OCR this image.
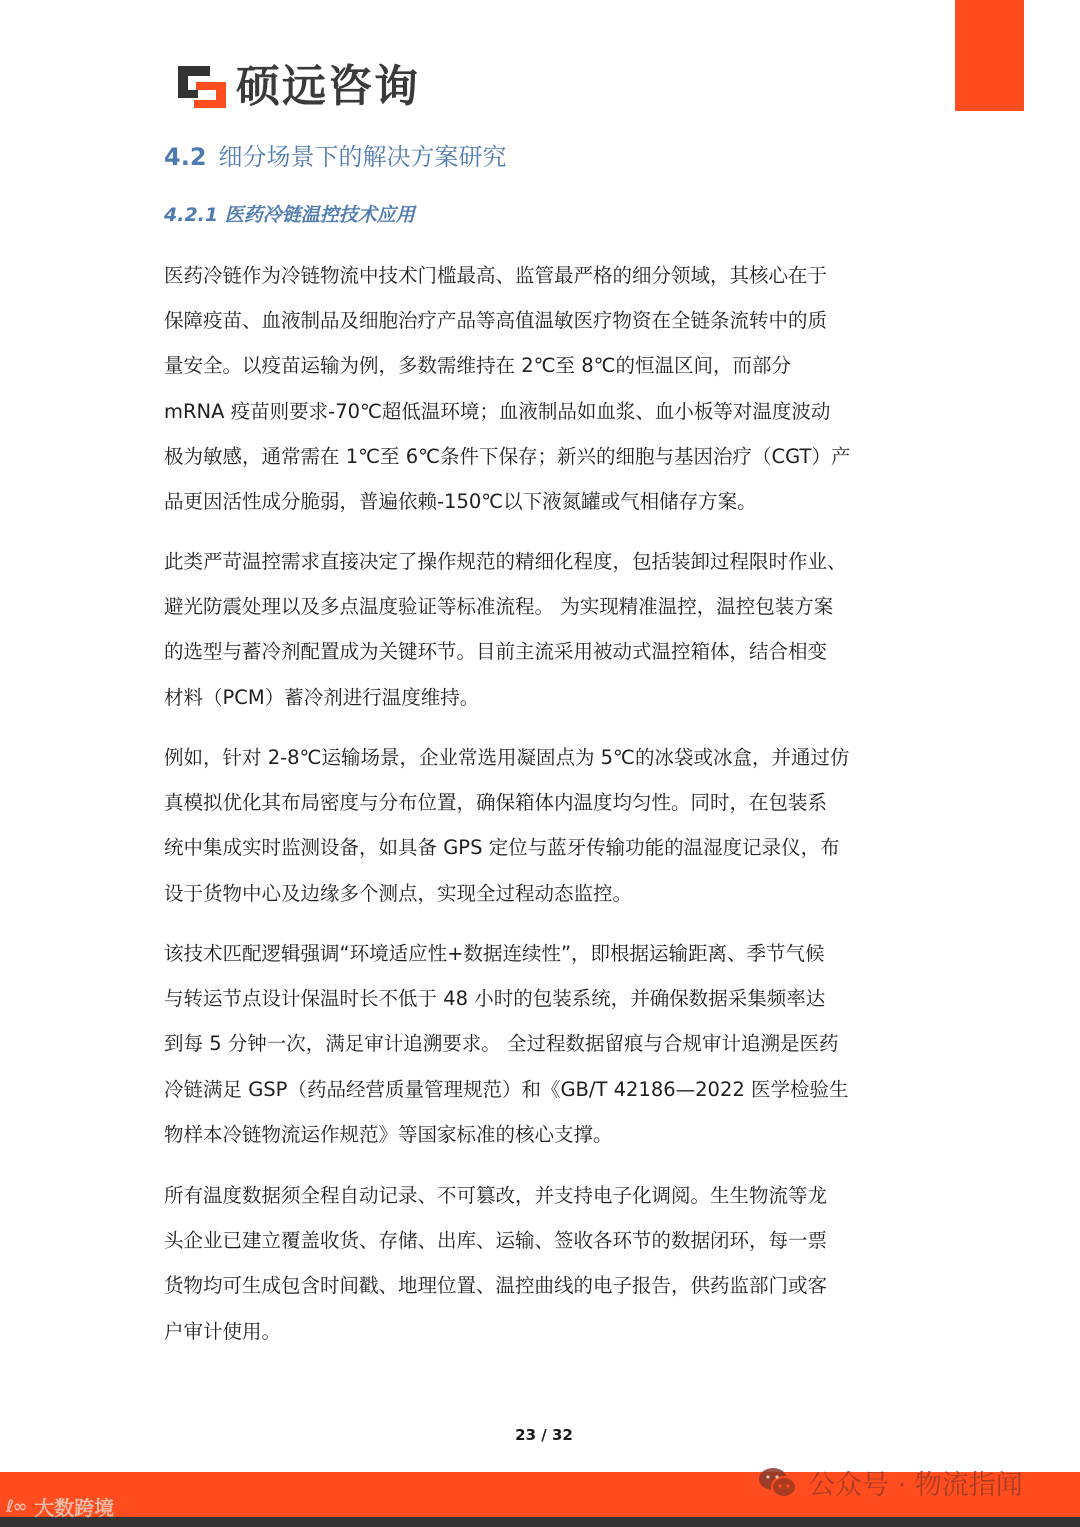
硕远咨询
4.2 细分场景下的解决方案研究
4.2.1 医药冷链温控技术应用

医药冷链作为冷链物流中技术门槛最高、监管最严格的细分领域，其核心在于
保障疫苗、血液制品及细胞治疗产品等高值温敏医疗物资在全链条流转中的质
量安全。以疫苗运输为例，多数需维持在 2℃至 8℃的恒温区间，而部分
mRNA 疫苗则要求-70℃超低温环境；血液制品如血浆、血小板等对温度波动
极为敏感，通常需在 1℃至 6℃条件下保存；新兴的细胞与基因治疗（CGT）产
品更因活性成分脆弱，普遍依赖-150℃以下液氮罐或气相储存方案。

此类严苛温控需求直接决定了操作规范的精细化程度，包括装卸过程限时作业、
避光防震处理以及多点温度验证等标准流程。 为实现精准温控，温控包装方案
的选型与蓄冷剂配置成为关键环节。目前主流采用被动式温控箱体，结合相变
材料（PCM）蓄冷剂进行温度维持。

例如，针对 2-8℃运输场景，企业常选用凝固点为 5℃的冰袋或冰盒，并通过仿
真模拟优化其布局密度与分布位置，确保箱体内温度均匀性。同时，在包装系
统中集成实时监测设备，如具备 GPS 定位与蓝牙传输功能的温湿度记录仪，布
设于货物中心及边缘多个测点，实现全过程动态监控。

该技术匹配逻辑强调“环境适应性+数据连续性”，即根据运输距离、季节气候
与转运节点设计保温时长不低于 48 小时的包装系统，并确保数据采集频率达
到每 5 分钟一次，满足审计追溯要求。 全过程数据留痕与合规审计追溯是医药
冷链满足 GSP（药品经营质量管理规范）和《GB/T 42186—2022 医学检验生
物样本冷链物流运作规范》等国家标准的核心支撑。

所有温度数据须全程自动记录、不可篡改，并支持电子化调阅。生生物流等龙
头企业已建立覆盖收货、存储、出库、运输、签收各环节的数据闭环，每一票
货物均可生成包含时间戳、地理位置、温控曲线的电子报告，供药监部门或客
户审计使用。

23 / 32
ℓ∞ 大数跨境
公众号 · 物流指闻
